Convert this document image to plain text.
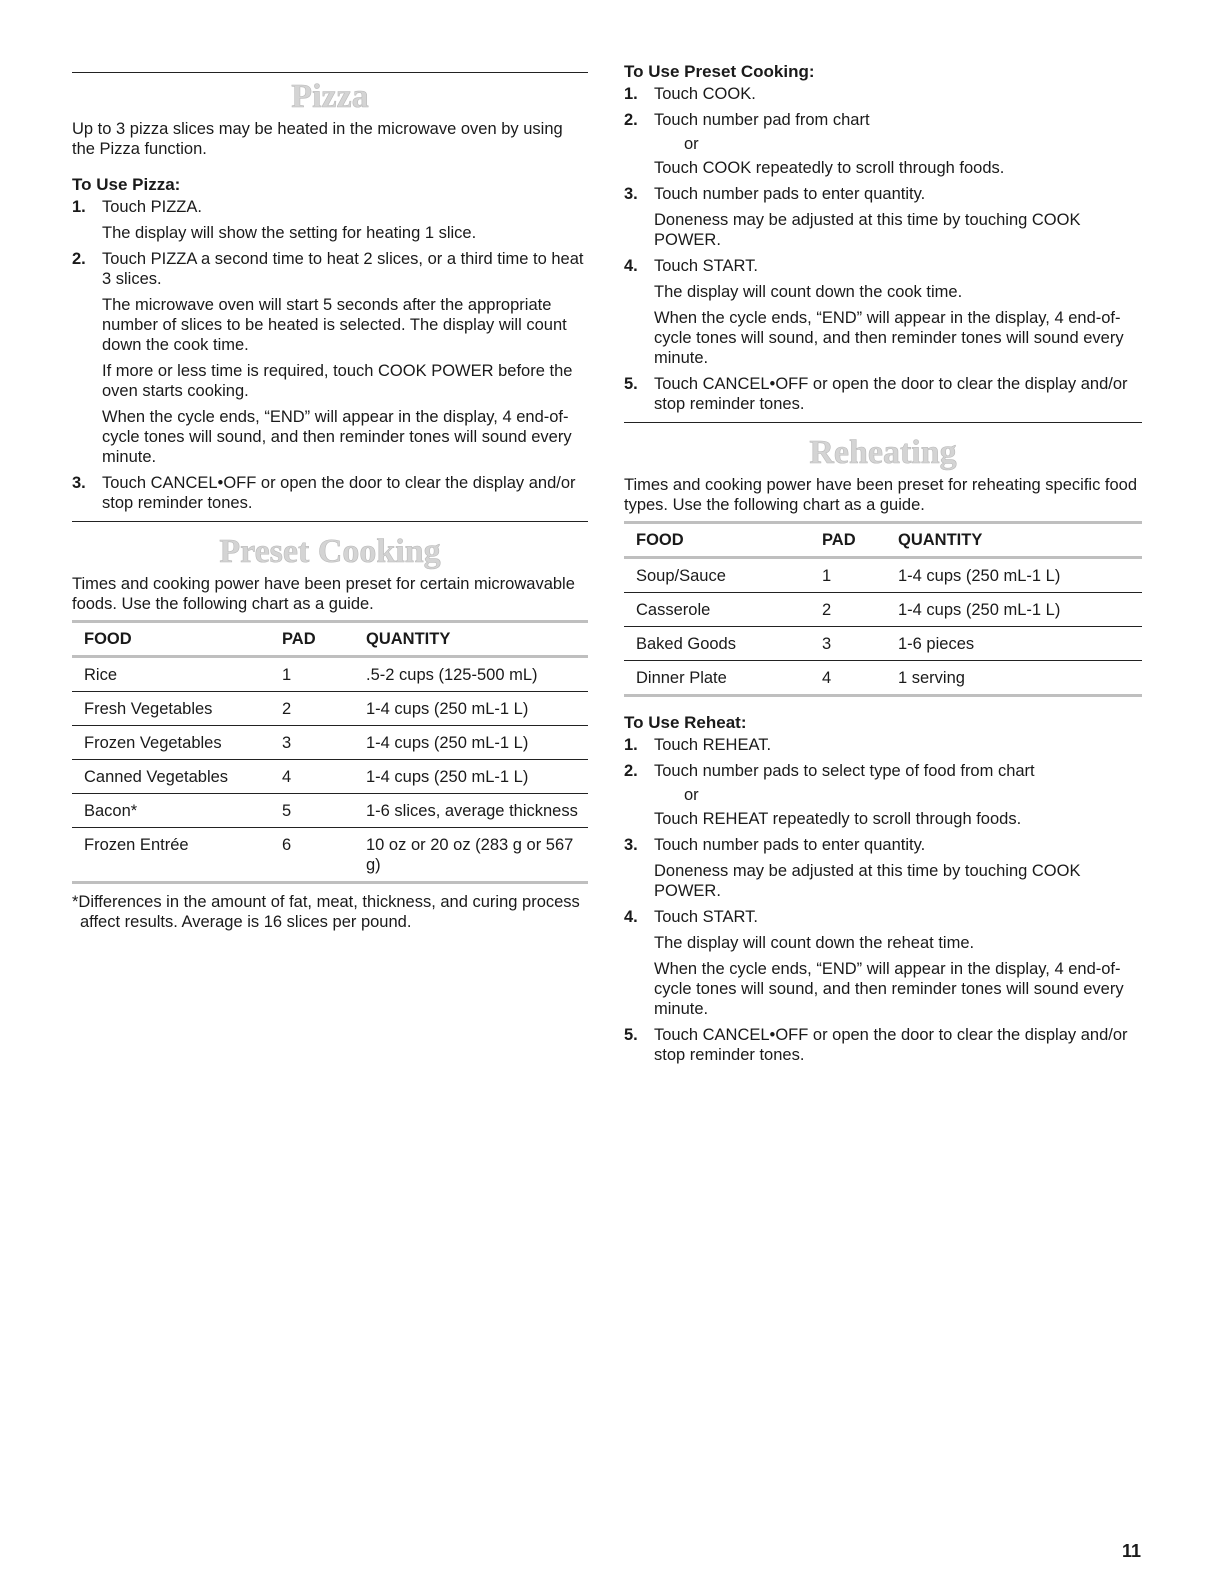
Pizza

Up to 3 pizza slices may be heated in the microwave oven by using the Pizza function.

To Use Pizza:
1. Touch PIZZA.

The display will show the setting for heating 1 slice.

2. Touch PIZZA a second time to heat 2 slices, or a third time to heat 3 slices.

The microwave oven will start 5 seconds after the appropriate number of slices to be heated is selected. The display will count down the cook time.

If more or less time is required, touch COOK POWER before the oven starts cooking.

When the cycle ends, “END” will appear in the display, 4 end-of-cycle tones will sound, and then reminder tones will sound every minute.

3. Touch CANCEL•OFF or open the door to clear the display and/or stop reminder tones.

Preset Cooking

Times and cooking power have been preset for certain microwavable foods. Use the following chart as a guide.

FOOD	PAD	QUANTITY
Rice	1	.5-2 cups (125-500 mL)
Fresh Vegetables	2	1-4 cups (250 mL-1 L)
Frozen Vegetables	3	1-4 cups (250 mL-1 L)
Canned Vegetables	4	1-4 cups (250 mL-1 L)
Bacon*	5	1-6 slices, average thickness
Frozen Entrée	6	10 oz or 20 oz (283 g or 567 g)

*Differences in the amount of fat, meat, thickness, and curing process affect results. Average is 16 slices per pound.

To Use Preset Cooking:
1. Touch COOK.

2. Touch number pad from chart

or

Touch COOK repeatedly to scroll through foods.

3. Touch number pads to enter quantity.

Doneness may be adjusted at this time by touching COOK POWER.

4. Touch START.

The display will count down the cook time.

When the cycle ends, “END” will appear in the display, 4 end-of-cycle tones will sound, and then reminder tones will sound every minute.

5. Touch CANCEL•OFF or open the door to clear the display and/or stop reminder tones.

Reheating

Times and cooking power have been preset for reheating specific food types. Use the following chart as a guide.

FOOD	PAD	QUANTITY
Soup/Sauce	1	1-4 cups (250 mL-1 L)
Casserole	2	1-4 cups (250 mL-1 L)
Baked Goods	3	1-6 pieces
Dinner Plate	4	1 serving
To Use Reheat:
1. Touch REHEAT.

2. Touch number pads to select type of food from chart

or

Touch REHEAT repeatedly to scroll through foods.

3. Touch number pads to enter quantity.

Doneness may be adjusted at this time by touching COOK POWER.

4. Touch START.

The display will count down the reheat time.

When the cycle ends, “END” will appear in the display, 4 end-of-cycle tones will sound, and then reminder tones will sound every minute.

5. Touch CANCEL•OFF or open the door to clear the display and/or stop reminder tones.

11
